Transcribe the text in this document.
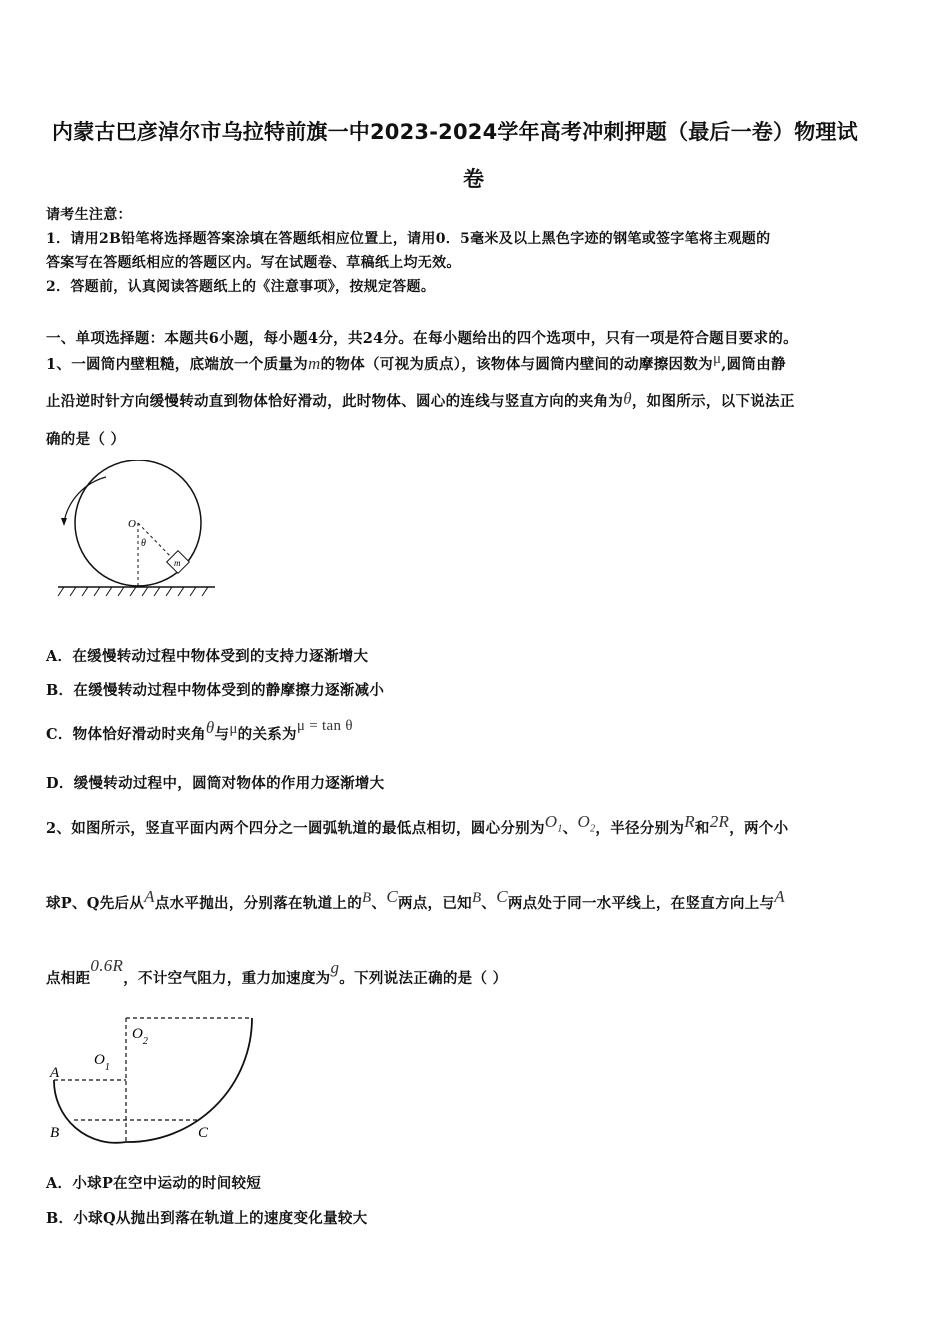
内蒙古巴彦淖尔市乌拉特前旗一中2023-2024学年高考冲刺押题（最后一卷）物理试
卷
请考生注意：
1．请用2B铅笔将选择题答案涂填在答题纸相应位置上，请用0．5毫米及以上黑色字迹的钢笔或签字笔将主观题的
答案写在答题纸相应的答题区内。写在试题卷、草稿纸上均无效。
2．答题前，认真阅读答题纸上的《注意事项》，按规定答题。
一、单项选择题：本题共6小题，每小题4分，共24分。在每小题给出的四个选项中，只有一项是符合题目要求的。
1、一圆筒内壁粗糙，底端放一个质量为m的物体（可视为质点），该物体与圆筒内壁间的动摩擦因数为μ,圆筒由静
止沿逆时针方向缓慢转动直到物体恰好滑动，此时物体、圆心的连线与竖直方向的夹角为θ，如图所示，以下说法正
确的是（ ）
O
θ
m
A．在缓慢转动过程中物体受到的支持力逐渐增大
B．在缓慢转动过程中物体受到的静摩擦力逐渐减小
C．物体恰好滑动时夹角θ与μ的关系为μ = tan θ
D．缓慢转动过程中，圆筒对物体的作用力逐渐增大
2、如图所示，竖直平面内两个四分之一圆弧轨道的最低点相切，圆心分别为$O_1$、$O_2$，半径分别为R和2R，两个小
球P、Q先后从A点水平抛出，分别落在轨道上的B、C两点，已知B、C两点处于同一水平线上，在竖直方向上与A
点相距0.6R，不计空气阻力，重力加速度为g。下列说法正确的是（ ）
A
B	C
$O_1$
$O_2$
A．小球P在空中运动的时间较短
B．小球Q从抛出到落在轨道上的速度变化量较大
